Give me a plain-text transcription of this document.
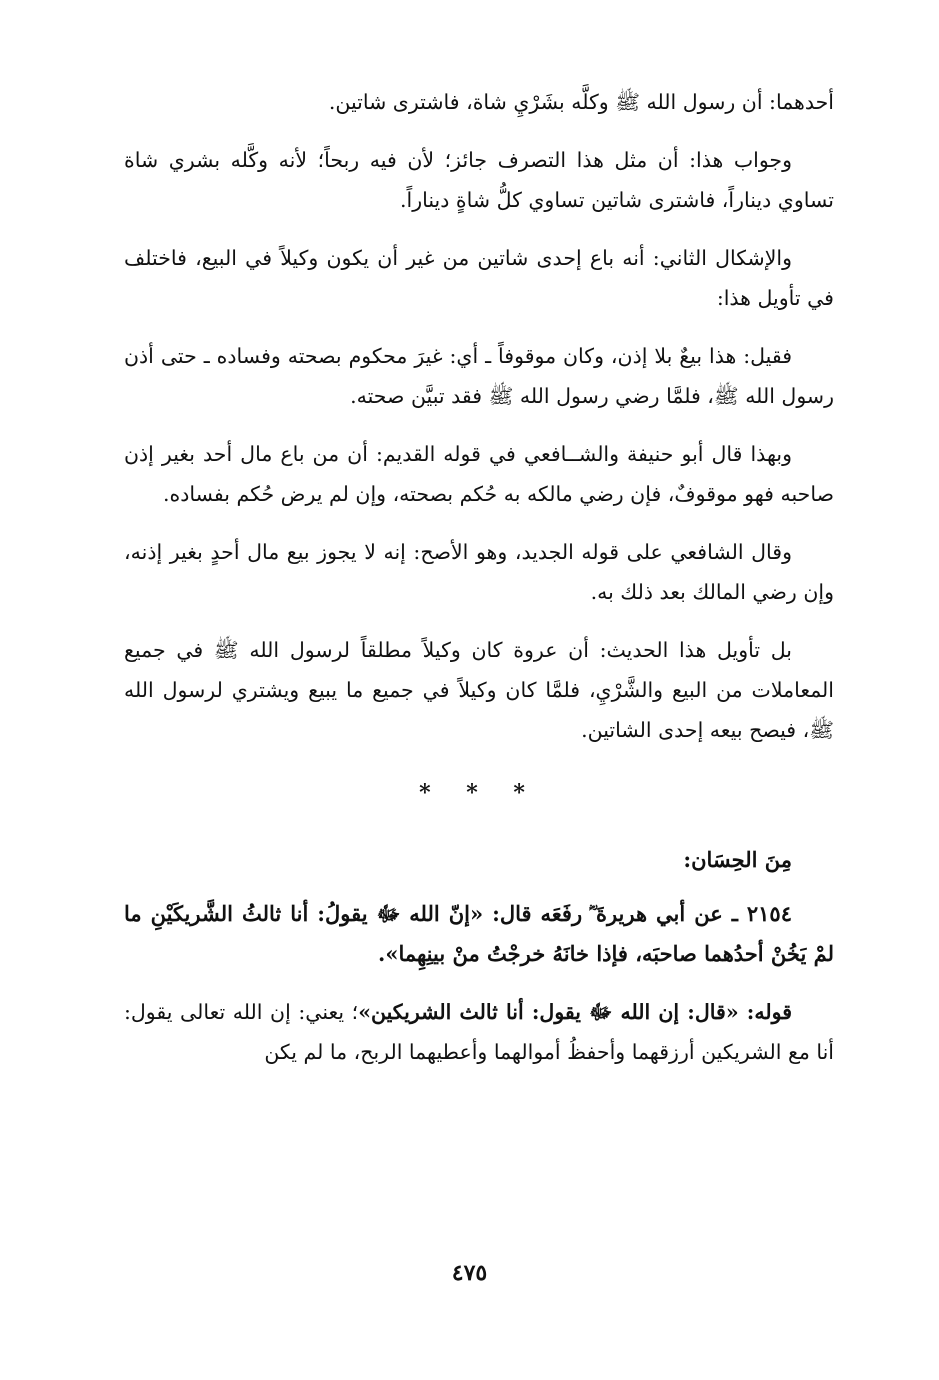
أحدهما: أن رسول الله ﷺ وكلَّه بشَرْيِ شاة، فاشترى شاتين.

وجواب هذا: أن مثل هذا التصرف جائز؛ لأن فيه ربحاً؛ لأنه وكَّله بشري شاة تساوي ديناراً، فاشترى شاتين تساوي كلُّ شاةٍ ديناراً.

والإشكال الثاني: أنه باع إحدى شاتين من غير أن يكون وكيلاً في البيع، فاختلف في تأويل هذا:

فقيل: هذا بيعٌ بلا إذن، وكان موقوفاً ـ أي: غيرَ محكوم بصحته وفساده ـ حتى أذن رسول الله ﷺ، فلمَّا رضي رسول الله ﷺ فقد تبيَّن صحته.

وبهذا قال أبو حنيفة والشــافعي في قوله القديم: أن من باع مال أحد بغير إذن صاحبه فهو موقوفٌ، فإن رضي مالكه به حُكم بصحته، وإن لم يرض حُكم بفساده.

وقال الشافعي على قوله الجديد، وهو الأصح: إنه لا يجوز بيع مال أحدٍ بغير إذنه، وإن رضي المالك بعد ذلك به.

بل تأويل هذا الحديث: أن عروة كان وكيلاً مطلقاً لرسول الله ﷺ في جميع المعاملات من البيع والشَّرْيِ، فلمَّا كان وكيلاً في جميع ما يبيع ويشتري لرسول الله ﷺ، فيصح بيعه إحدى الشاتين.

* * *
مِنَ الحِسَان:

٢١٥٤ ـ عن أبي هريرةَ ؓ رفَعَه قال: «إنّ الله ﷻ يقولُ: أنا ثالثُ الشَّريكَيْنِ ما لمْ يَخُنْ أحدُهما صاحبَه، فإذا خانَهُ خرجْتُ منْ بينِهِما».

قوله: «قال: إن الله ﷻ يقول: أنا ثالث الشريكين»؛ يعني: إن الله تعالى يقول: أنا مع الشريكين أرزقهما وأحفظُ أموالهما وأعطيهما الربح، ما لم يكن

٤٧٥
